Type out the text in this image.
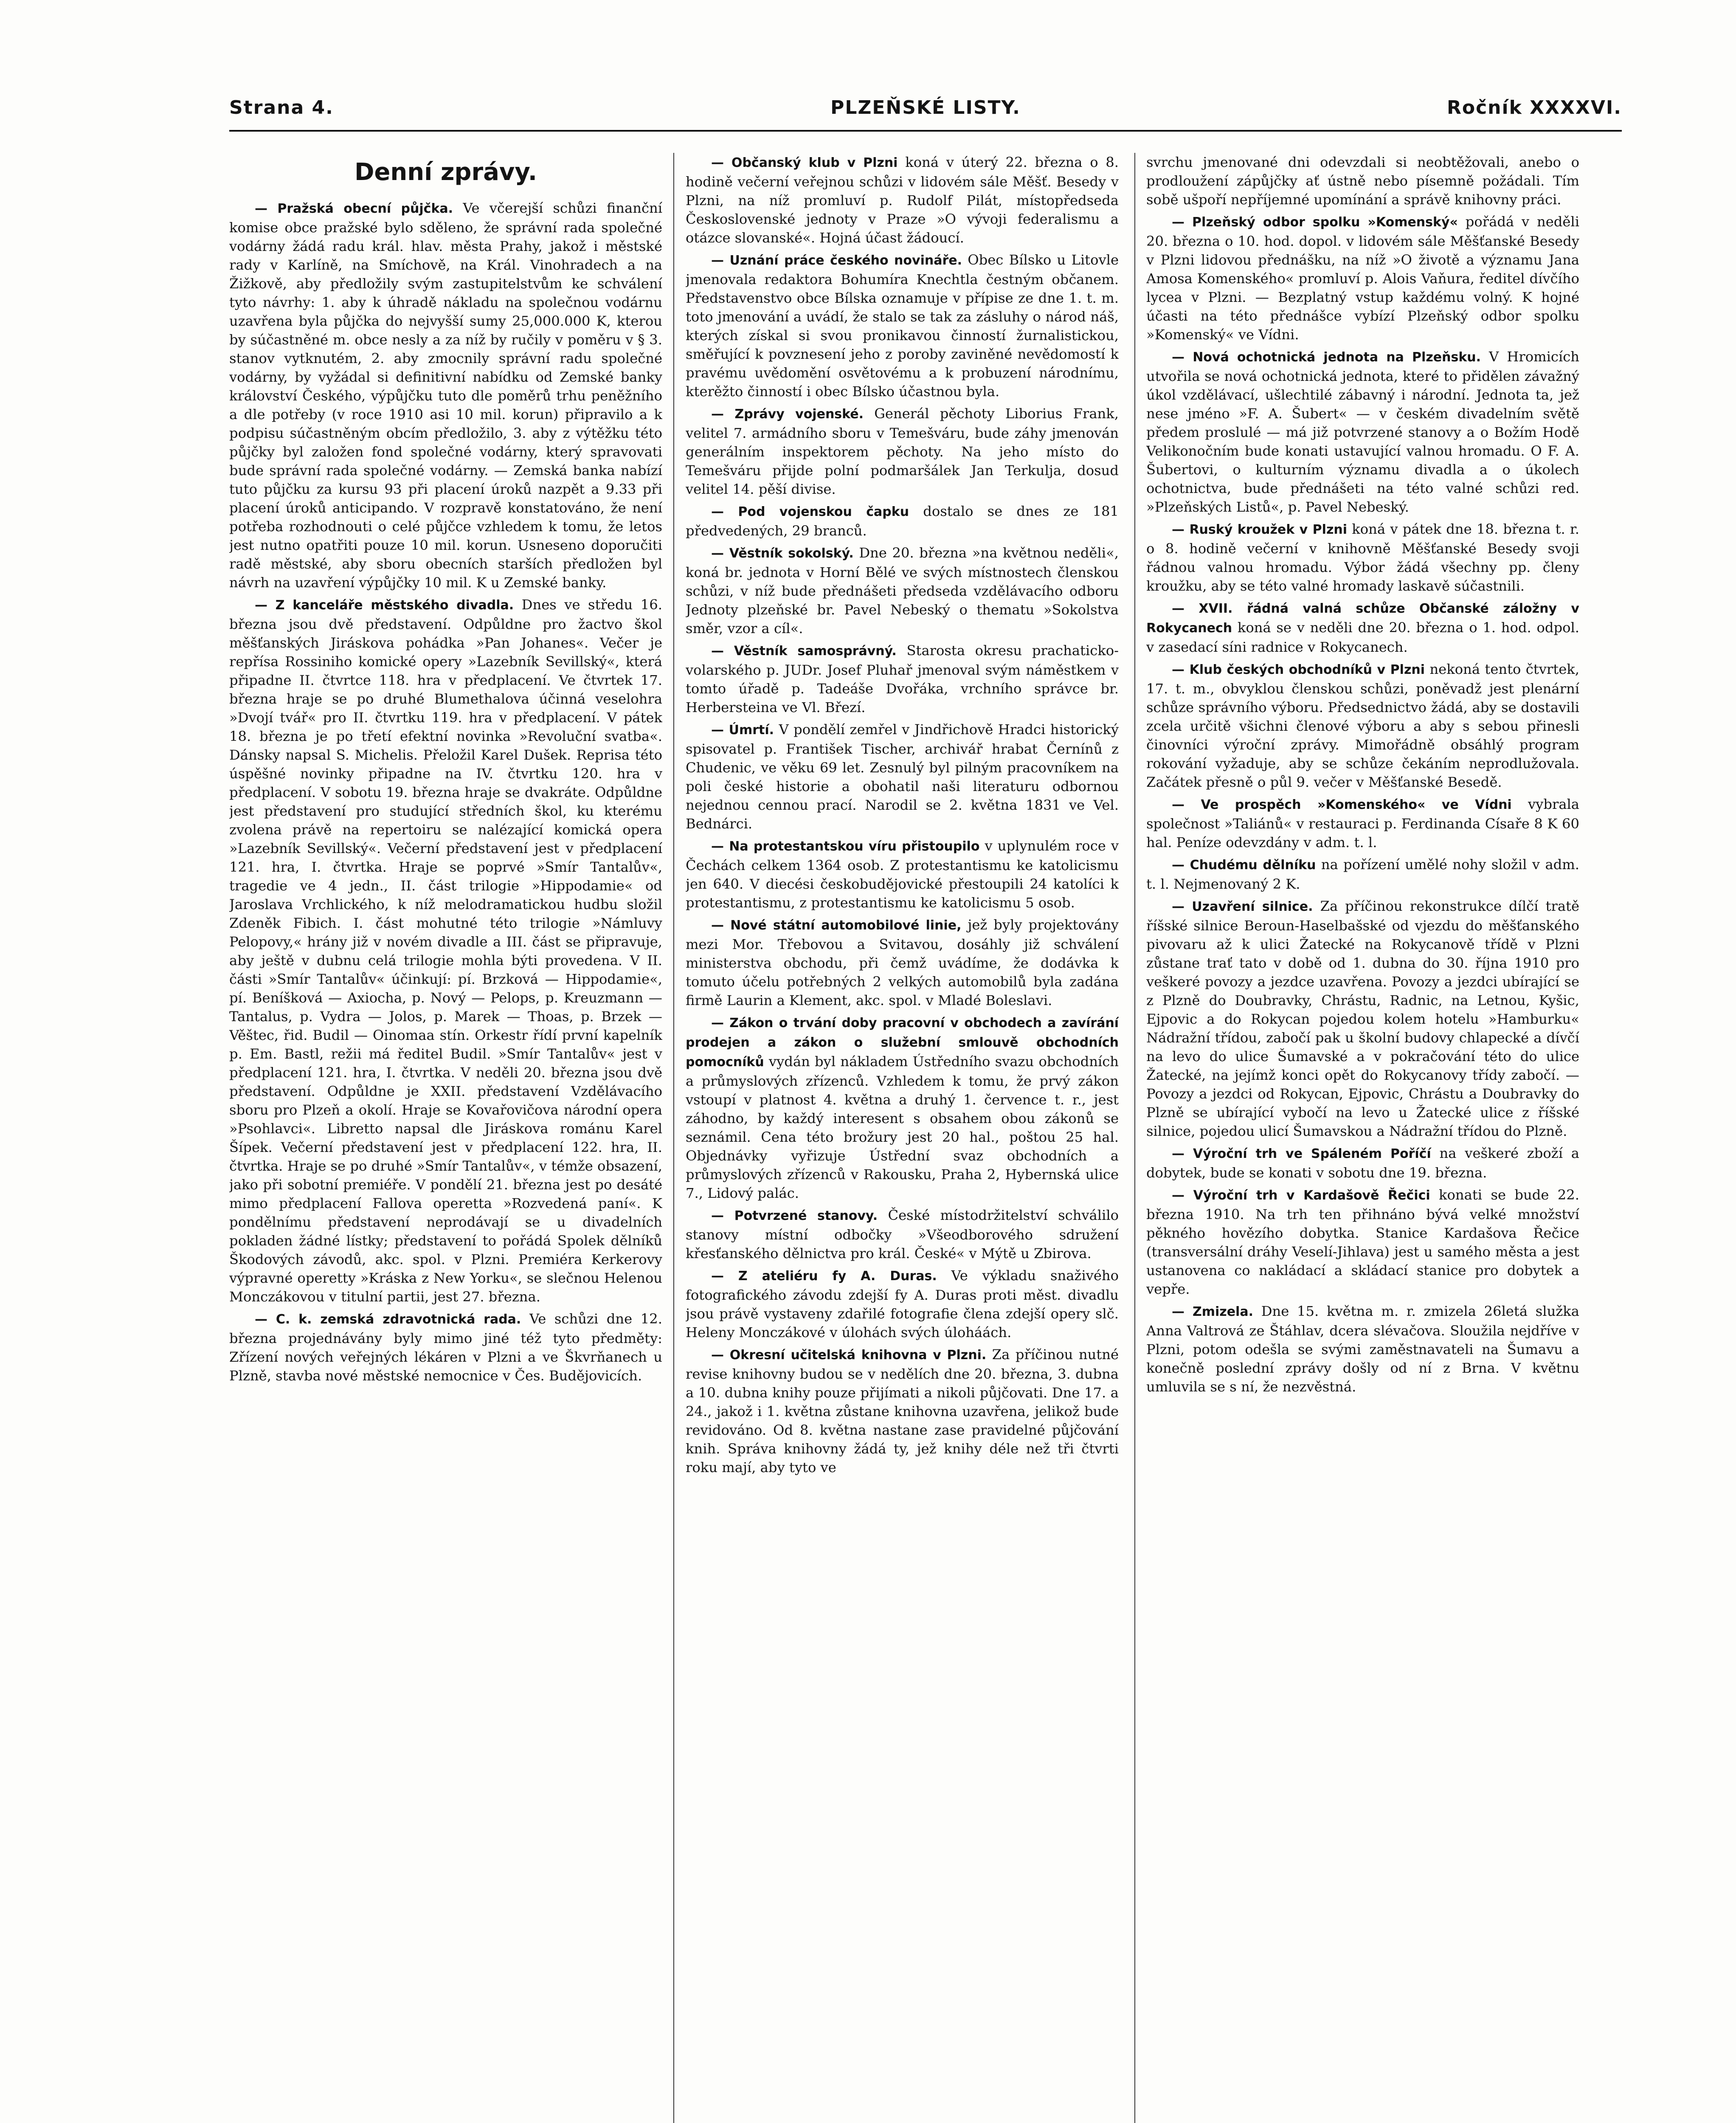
Strana 4.	PLZEŇSKÉ LISTY.	Ročník XXXXVI.
Denní zprávy.

— Pražská obecní půjčka. Ve včerejší schůzi finanční komise obce pražské bylo sděleno, že správní rada společné vodárny žádá radu král. hlav. města Prahy, jakož i městské rady v Karlíně, na Smíchově, na Král. Vinohradech a na Žižkově, aby předložily svým zastupitelstvům ke schválení tyto návrhy: 1. aby k úhradě nákladu na společnou vodárnu uzavřena byla půjčka do nejvyšší sumy 25,000.000 K, kterou by súčastněné m. obce nesly a za níž by ručily v poměru v § 3. stanov vytknutém, 2. aby zmocnily správní radu společné vodárny, by vyžádal si definitivní nabídku od Zemské banky království Českého, výpůjčku tuto dle poměrů trhu peněžního a dle potřeby (v roce 1910 asi 10 mil. korun) připravilo a k podpisu súčastněným obcím předložilo, 3. aby z výtěžku této půjčky byl založen fond společné vodárny, který spravovati bude správní rada společné vodárny. — Zemská banka nabízí tuto půjčku za kursu 93 při placení úroků nazpět a 9.33 při placení úroků anticipando. V rozpravě konstatováno, že není potřeba rozhodnouti o celé půjčce vzhledem k tomu, že letos jest nutno opatřiti pouze 10 mil. korun. Usneseno doporučiti radě městské, aby sboru obecních starších předložen byl návrh na uzavření výpůjčky 10 mil. K u Zemské banky.

— Z kanceláře městského divadla. Dnes ve středu 16. března jsou dvě představení. Odpůldne pro žactvo škol měšťanských Jiráskova pohádka »Pan Johanes«. Večer je repřísa Rossiniho komické opery »Lazebník Sevillský«, která připadne II. čtvrtce 118. hra v předplacení. Ve čtvrtek 17. března hraje se po druhé Blumethalova účinná veselohra »Dvojí tvář« pro II. čtvrtku 119. hra v předplacení. V pátek 18. března je po třetí efektní novinka »Revoluční svatba«. Dánsky napsal S. Michelis. Přeložil Karel Dušek. Reprisa této úspěšné novinky připadne na IV. čtvrtku 120. hra v předplacení. V sobotu 19. března hraje se dvakráte. Odpůldne jest představení pro studující středních škol, ku kterému zvolena právě na repertoiru se nalézající komická opera »Lazebník Sevillský«. Večerní představení jest v předplacení 121. hra, I. čtvrtka. Hraje se poprvé »Smír Tantalův«, tragedie ve 4 jedn., II. část trilogie »Hippodamie« od Jaroslava Vrchlického, k níž melodramatickou hudbu složil Zdeněk Fibich. I. část mohutné této trilogie »Námluvy Pelopovy,« hrány již v novém divadle a III. část se připravuje, aby ještě v dubnu celá trilogie mohla býti provedena. V II. části »Smír Tantalův« účinkují: pí. Brzková — Hippodamie«, pí. Beníšková — Axiocha, p. Nový — Pelops, p. Kreuzmann — Tantalus, p. Vydra — Jolos, p. Marek — Thoas, p. Brzek — Věštec, řid. Budil — Oinomaa stín. Orkestr řídí první kapelník p. Em. Bastl, režii má ředitel Budil. »Smír Tantalův« jest v předplacení 121. hra, I. čtvrtka. V neděli 20. března jsou dvě představení. Odpůldne je XXII. představení Vzdělávacího sboru pro Plzeň a okolí. Hraje se Kovařovičova národní opera »Psohlavci«. Libretto napsal dle Jiráskova románu Karel Šípek. Večerní představení jest v předplacení 122. hra, II. čtvrtka. Hraje se po druhé »Smír Tantalův«, v témže obsazení, jako při sobotní premiéře. V pondělí 21. března jest po desáté mimo předplacení Fallova operetta »Rozvedená paní«. K pondělnímu představení neprodávají se u divadelních pokladen žádné lístky; představení to pořádá Spolek dělníků Škodových závodů, akc. spol. v Plzni. Premiéra Kerkerovy výpravné operetty »Kráska z New Yorku«, se slečnou Helenou Monczákovou v titulní partii, jest 27. března.

— C. k. zemská zdravotnická rada. Ve schůzi dne 12. března projednávány byly mimo jiné též tyto předměty: Zřízení nových veřejných lékáren v Plzni a ve Škvrňanech u Plzně, stavba nové městské nemocnice v Čes. Budějovicích.

— Občanský klub v Plzni koná v úterý 22. března o 8. hodině večerní veřejnou schůzi v lidovém sále Měšť. Besedy v Plzni, na níž promluví p. Rudolf Pilát, místopředseda Československé jednoty v Praze »O vývoji federalismu a otázce slovanské«. Hojná účast žádoucí.

— Uznání práce českého novináře. Obec Bílsko u Litovle jmenovala redaktora Bohumíra Knechtla čestným občanem. Představenstvo obce Bílska oznamuje v přípise ze dne 1. t. m. toto jmenování a uvádí, že stalo se tak za zásluhy o národ náš, kterých získal si svou pronikavou činností žurnalistickou, směřující k povznesení jeho z poroby zaviněné nevědomostí k pravému uvědomění osvětovému a k probuzení národnímu, kterěžto činností i obec Bílsko účastnou byla.

— Zprávy vojenské. Generál pěchoty Liborius Frank, velitel 7. armádního sboru v Temešváru, bude záhy jmenován generálním inspektorem pěchoty. Na jeho místo do Temešváru přijde polní podmaršálek Jan Terkulja, dosud velitel 14. pěší divise.

— Pod vojenskou čapku dostalo se dnes ze 181 předvedených, 29 branců.

— Věstník sokolský. Dne 20. března »na květnou neděli«, koná br. jednota v Horní Bělé ve svých místnostech členskou schůzi, v níž bude přednášeti předseda vzdělávacího odboru Jednoty plzeňské br. Pavel Nebeský o thematu »Sokolstva směr, vzor a cíl«.

— Věstník samosprávný. Starosta okresu prachaticko-volarského p. JUDr. Josef Pluhař jmenoval svým náměstkem v tomto úřadě p. Tadeáše Dvořáka, vrchního správce br. Herbersteina ve Vl. Březí.

— Úmrtí. V pondělí zemřel v Jindřichově Hradci historický spisovatel p. František Tischer, archivář hrabat Černínů z Chudenic, ve věku 69 let. Zesnulý byl pilným pracovníkem na poli české historie a obohatil naši literaturu odbornou nejednou cennou prací. Narodil se 2. května 1831 ve Vel. Bednárci.

— Na protestantskou víru přistoupilo v uplynulém roce v Čechách celkem 1364 osob. Z protestantismu ke katolicismu jen 640. V diecési českobudějovické přestoupili 24 katolíci k protestantismu, z protestantismu ke katolicismu 5 osob.

— Nové státní automobilové linie, jež byly projektovány mezi Mor. Třebovou a Svitavou, dosáhly již schválení ministerstva obchodu, při čemž uvádíme, že dodávka k tomuto účelu potřebných 2 velkých automobilů byla zadána firmě Laurin a Klement, akc. spol. v Mladé Boleslavi.

— Zákon o trvání doby pracovní v obchodech a zavírání prodejen a zákon o služební smlouvě obchodních pomocníků vydán byl nákladem Ústředního svazu obchodních a průmyslových zřízenců. Vzhledem k tomu, že prvý zákon vstoupí v platnost 4. května a druhý 1. července t. r., jest záhodno, by každý interesent s obsahem obou zákonů se seznámil. Cena této brožury jest 20 hal., poštou 25 hal. Objednávky vyřizuje Ústřední svaz obchodních a průmyslových zřízenců v Rakousku, Praha 2, Hybernská ulice 7., Lidový palác.

— Potvrzené stanovy. České místodržitelství schválilo stanovy místní odbočky »Všeodborového sdružení křesťanského dělnictva pro král. České« v Mýtě u Zbirova.

— Z ateliéru fy A. Duras. Ve výkladu snaživého fotografického závodu zdejší fy A. Duras proti měst. divadlu jsou právě vystaveny zdařilé fotografie člena zdejší opery slč. Heleny Monczákové v úlohách svých úloháách.

— Okresní učitelská knihovna v Plzni. Za příčinou nutné revise knihovny budou se v nedělích dne 20. března, 3. dubna a 10. dubna knihy pouze přijímati a nikoli půjčovati. Dne 17. a 24., jakož i 1. května zůstane knihovna uzavřena, jelikož bude revidováno. Od 8. května nastane zase pravidelné půjčování knih. Správa knihovny žádá ty, jež knihy déle než tři čtvrti roku mají, aby tyto ve

svrchu jmenované dni odevzdali si neobtěžovali, anebo o prodloužení zápůjčky ať ústně nebo písemně požádali. Tím sobě ušpoří nepříjemné upomínání a správě knihovny práci.

— Plzeňský odbor spolku »Komenský« pořádá v neděli 20. března o 10. hod. dopol. v lidovém sále Měšťanské Besedy v Plzni lidovou přednášku, na níž »O životě a významu Jana Amosa Komenského« promluví p. Alois Vaňura, ředitel dívčího lycea v Plzni. — Bezplatný vstup každému volný. K hojné účasti na této přednášce vybízí Plzeňský odbor spolku »Komenský« ve Vídni.

— Nová ochotnická jednota na Plzeňsku. V Hromicích utvořila se nová ochotnická jednota, které to přidělen závažný úkol vzdělávací, ušlechtilé zábavný i národní. Jednota ta, jež nese jméno »F. A. Šubert« — v českém divadelním světě předem proslulé — má již potvrzené stanovy a o Božím Hodě Velikonočním bude konati ustavující valnou hromadu. O F. A. Šubertovi, o kulturním významu divadla a o úkolech ochotnictva, bude přednášeti na této valné schůzi red. »Plzeňských Listů«, p. Pavel Nebeský.

— Ruský kroužek v Plzni koná v pátek dne 18. března t. r. o 8. hodině večerní v knihovně Měšťanské Besedy svoji řádnou valnou hromadu. Výbor žádá všechny pp. členy kroužku, aby se této valné hromady laskavě súčastnili.

— XVII. řádná valná schůze Občanské záložny v Rokycanech koná se v neděli dne 20. března o 1. hod. odpol. v zasedací síni radnice v Rokycanech.

— Klub českých obchodníků v Plzni nekoná tento čtvrtek, 17. t. m., obvyklou členskou schůzi, poněvadž jest plenární schůze správního výboru. Předsednictvo žádá, aby se dostavili zcela určitě všichni členové výboru a aby s sebou přinesli činovníci výroční zprávy. Mimořádně obsáhlý program rokování vyžaduje, aby se schůze čekáním neprodlužovala. Začátek přesně o půl 9. večer v Měšťanské Besedě.

— Ve prospěch »Komenského« ve Vídni vybrala společnost »Taliánů« v restauraci p. Ferdinanda Císaře 8 K 60 hal. Peníze odevzdány v adm. t. l.

— Chudému dělníku na pořízení umělé nohy složil v adm. t. l. Nejmenovaný 2 K.

— Uzavření silnice. Za příčinou rekonstrukce dílčí tratě říšské silnice Beroun-Haselbašské od vjezdu do měšťanského pivovaru až k ulici Žatecké na Rokycanově třídě v Plzni zůstane trať tato v době od 1. dubna do 30. října 1910 pro veškeré povozy a jezdce uzavřena. Povozy a jezdci ubírající se z Plzně do Doubravky, Chrástu, Radnic, na Letnou, Kyšic, Ejpovic a do Rokycan pojedou kolem hotelu »Hamburku« Nádražní třídou, zabočí pak u školní budovy chlapecké a dívčí na levo do ulice Šumavské a v pokračování této do ulice Žatecké, na jejímž konci opět do Rokycanovy třídy zabočí. — Povozy a jezdci od Rokycan, Ejpovic, Chrástu a Doubravky do Plzně se ubírající vybočí na levo u Žatecké ulice z říšské silnice, pojedou ulicí Šumavskou a Nádražní třídou do Plzně.

— Výroční trh ve Spáleném Poříčí na veškeré zboží a dobytek, bude se konati v sobotu dne 19. března.

— Výroční trh v Kardašově Řečici konati se bude 22. března 1910. Na trh ten přihnáno bývá velké množství pěkného hovězího dobytka. Stanice Kardašova Řečice (transversální dráhy Veselí-Jihlava) jest u samého města a jest ustanovena co nakládací a skládací stanice pro dobytek a vepře.

— Zmizela. Dne 15. května m. r. zmizela 26letá služka Anna Valtrová ze Štáhlav, dcera slévačova. Sloužila nejdříve v Plzni, potom odešla se svými zaměstnavateli na Šumavu a konečně poslední zprávy došly od ní z Brna. V květnu umluvila se s ní, že nezvěstná.
